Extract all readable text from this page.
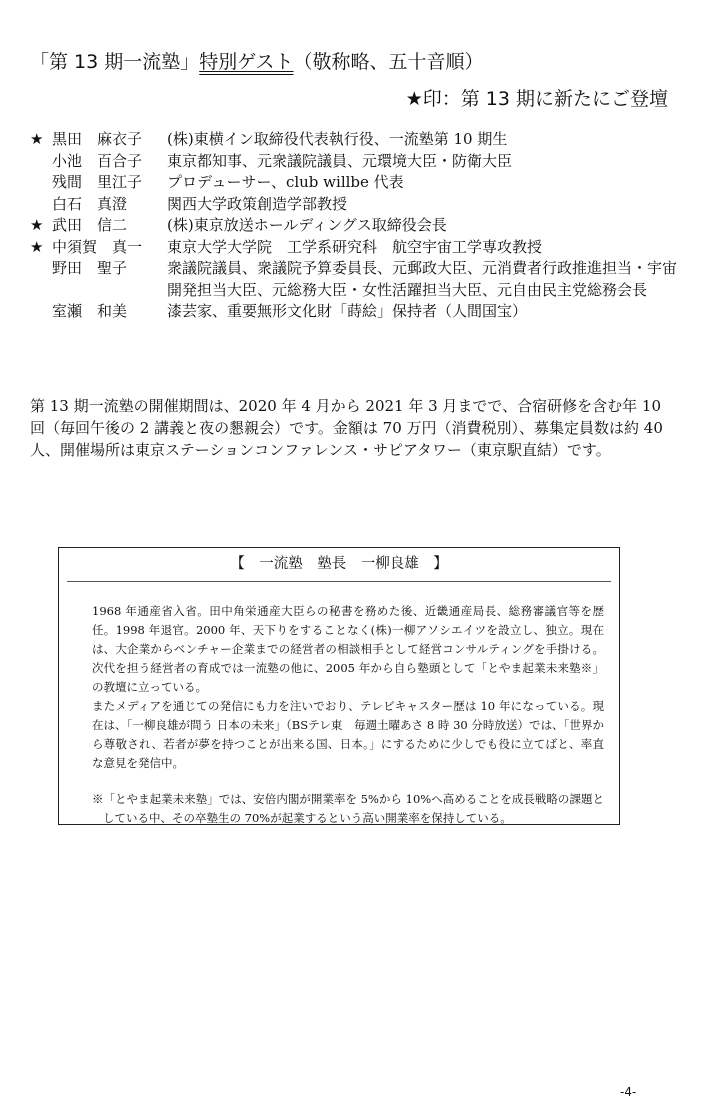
「第 13 期一流塾」特別ゲスト（敬称略、五十音順）
★印：第 13 期に新たにご登壇
★ 黒田　麻衣子	(株)東横イン取締役代表執行役、一流塾第 10 期生
小池　百合子	東京都知事、元衆議院議員、元環境大臣・防衛大臣
残間　里江子	プロデューサー、club willbe 代表
白石　真澄	関西大学政策創造学部教授
★ 武田　信二	(株)東京放送ホールディングス取締役会長
★ 中須賀　真一	東京大学大学院　工学系研究科　航空宇宙工学専攻教授
野田　聖子	衆議院議員、衆議院予算委員長、元郵政大臣、元消費者行政推進担当・宇宙開発担当大臣、元総務大臣・女性活躍担当大臣、元自由民主党総務会長
室瀬　和美	漆芸家、重要無形文化財「蒔絵」保持者（人間国宝）
第 13 期一流塾の開催期間は、2020 年 4 月から 2021 年 3 月までで、合宿研修を含む年 10 回（毎回午後の 2 講義と夜の懇親会）です。金額は 70 万円（消費税別）、募集定員数は約 40 人、開催場所は東京ステーションコンファレンス・サピアタワー（東京駅直結）です。
【　一流塾　塾長　一柳良雄　】

1968 年通産省入省。田中角栄通産大臣らの秘書を務めた後、近畿通産局長、総務審議官等を歴任。1998 年退官。2000 年、天下りをすることなく(株)一柳アソシエイツを設立し、独立。現在は、大企業からベンチャー企業までの経営者の相談相手として経営コンサルティングを手掛ける。次代を担う経営者の育成では一流塾の他に、2005 年から自ら塾頭として「とやま起業未来塾※」の教壇に立っている。

またメディアを通じての発信にも力を注いでおり、テレビキャスター歴は 10 年になっている。現在は、「一柳良雄が問う 日本の未来」（BSテレ東　毎週土曜あさ 8 時 30 分時放送）では、「世界から尊敬され、若者が夢を持つことが出来る国、日本。」にするために少しでも役に立てばと、率直な意見を発信中。

※「とやま起業未来塾」では、安倍内閣が開業率を 5%から 10%へ高めることを成長戦略の課題としている中、その卒塾生の 70%が起業するという高い開業率を保持している。

-4-
